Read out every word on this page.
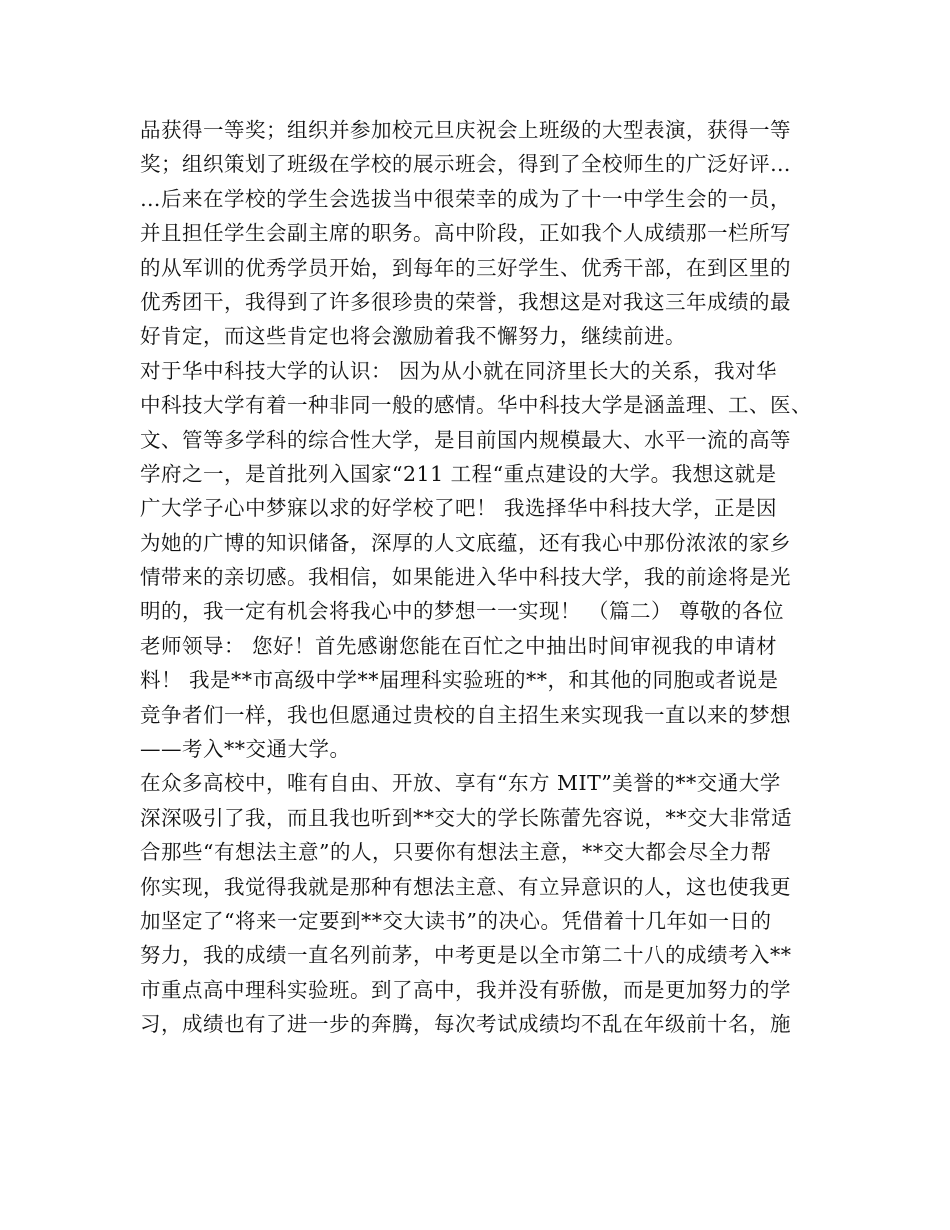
品获得一等奖；组织并参加校元旦庆祝会上班级的大型表演，获得一等
奖；组织策划了班级在学校的展示班会，得到了全校师生的广泛好评…
…后来在学校的学生会选拔当中很荣幸的成为了十一中学生会的一员，
并且担任学生会副主席的职务。高中阶段，正如我个人成绩那一栏所写
的从军训的优秀学员开始，到每年的三好学生、优秀干部，在到区里的
优秀团干，我得到了许多很珍贵的荣誉，我想这是对我这三年成绩的最
好肯定，而这些肯定也将会激励着我不懈努力，继续前进。
对于华中科技大学的认识： 因为从小就在同济里长大的关系，我对华
中科技大学有着一种非同一般的感情。华中科技大学是涵盖理、工、医、
文、管等多学科的综合性大学，是目前国内规模最大、水平一流的高等
学府之一，是首批列入国家“211 工程“重点建设的大学。我想这就是
广大学子心中梦寐以求的好学校了吧！ 我选择华中科技大学，正是因
为她的广博的知识储备，深厚的人文底蕴，还有我心中那份浓浓的家乡
情带来的亲切感。我相信，如果能进入华中科技大学，我的前途将是光
明的，我一定有机会将我心中的梦想一一实现！ （篇二） 尊敬的各位
老师领导： 您好！首先感谢您能在百忙之中抽出时间审视我的申请材
料！ 我是**市高级中学**届理科实验班的**，和其他的同胞或者说是
竞争者们一样，我也但愿通过贵校的自主招生来实现我一直以来的梦想
——考入**交通大学。
在众多高校中，唯有自由、开放、享有“东方 MIT”美誉的**交通大学
深深吸引了我，而且我也听到**交大的学长陈蕾先容说，**交大非常适
合那些“有想法主意”的人，只要你有想法主意，**交大都会尽全力帮
你实现，我觉得我就是那种有想法主意、有立异意识的人，这也使我更
加坚定了“将来一定要到**交大读书”的决心。凭借着十几年如一日的
努力，我的成绩一直名列前茅，中考更是以全市第二十八的成绩考入**
市重点高中理科实验班。到了高中，我并没有骄傲，而是更加努力的学
习，成绩也有了进一步的奔腾，每次考试成绩均不乱在年级前十名，施
